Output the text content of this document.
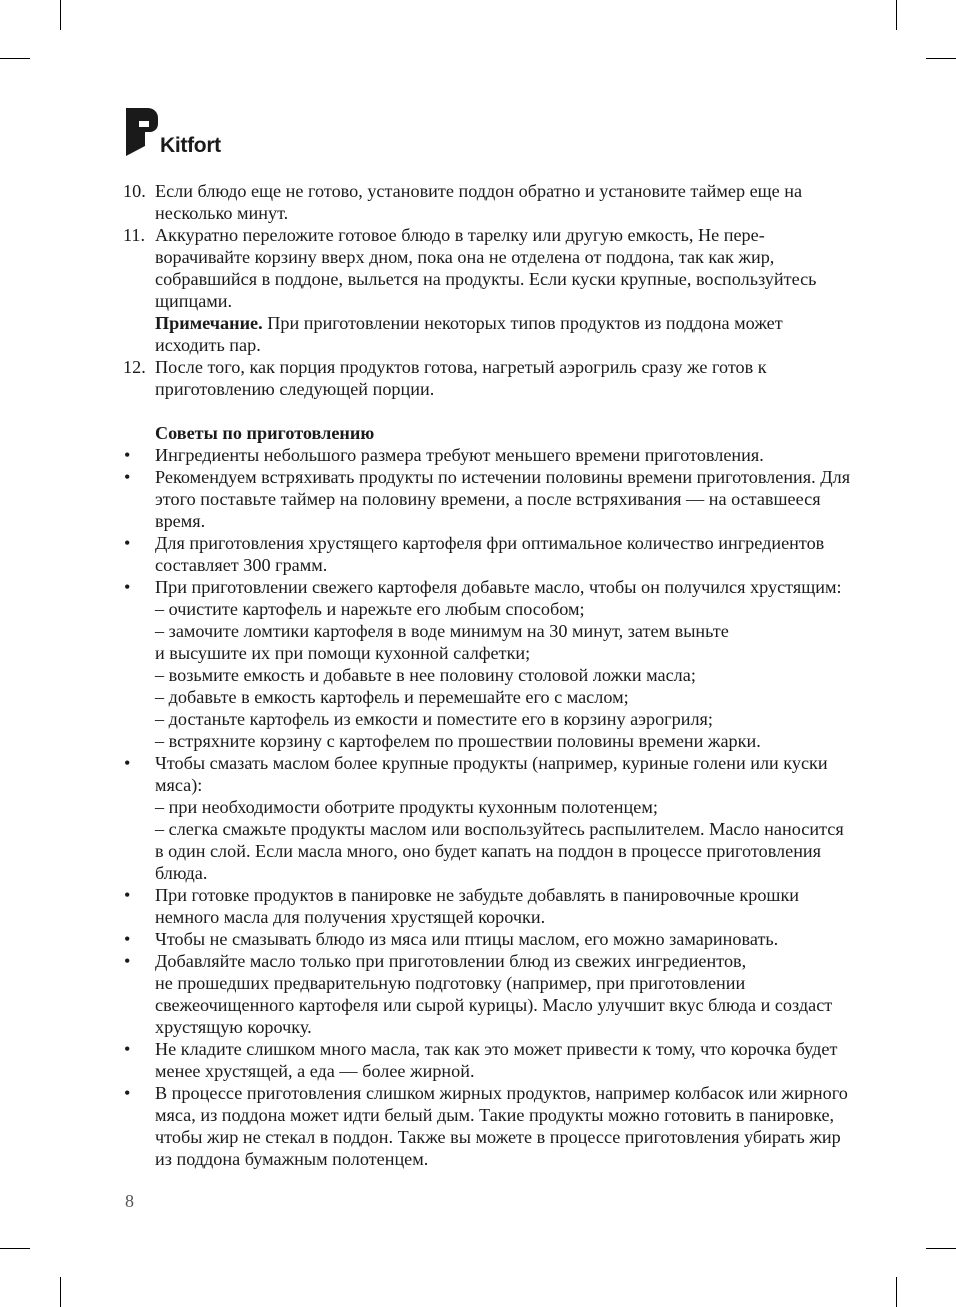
Kitfort
10. Если блюдо еще не готово, установите поддон обратно и установите таймер еще на несколько минут.

11. Аккуратно переложите готовое блюдо в тарелку или другую емкость, Не переворачивайте корзину вверх дном, пока она не отделена от поддона, так как жир, собравшийся в поддоне, выльется на продукты. Если куски крупные, воспользуйтесь щипцами.

Примечание. При приготовлении некоторых типов продуктов из поддона может исходить пар.

12. После того, как порция продуктов готова, нагретый аэрогриль сразу же готов к приготовлению следующей порции.

Советы по приготовлению
• Ингредиенты небольшого размера требуют меньшего времени приготовления.

• Рекомендуем встряхивать продукты по истечении половины времени приготовления. Для этого поставьте таймер на половину времени, а после встряхивания — на оставшееся время.

• Для приготовления хрустящего картофеля фри оптимальное количество ингредиентов составляет 300 грамм.

• При приготовлении свежего картофеля добавьте масло, чтобы он получился хрустящим:

– очистите картофель и нарежьте его любым способом;

– замочите ломтики картофеля в воде минимум на 30 минут, затем выньте

и высушите их при помощи кухонной салфетки;

– возьмите емкость и добавьте в нее половину столовой ложки масла;

– добавьте в емкость картофель и перемешайте его с маслом;

– достаньте картофель из емкости и поместите его в корзину аэрогриля;

– встряхните корзину с картофелем по прошествии половины времени жарки.

• Чтобы смазать маслом более крупные продукты (например, куриные голени или куски мяса):

– при необходимости оботрите продукты кухонным полотенцем;

– слегка смажьте продукты маслом или воспользуйтесь распылителем. Масло наносится в один слой. Если масла много, оно будет капать на поддон в процессе приготовления блюда.

• При готовке продуктов в панировке не забудьте добавлять в панировочные крошки немного масла для получения хрустящей корочки.

• Чтобы не смазывать блюдо из мяса или птицы маслом, его можно замариновать.

• Добавляйте масло только при приготовлении блюд из свежих ингредиентов,

не прошедших предварительную подготовку (например, при приготовлении свежеочищенного картофеля или сырой курицы). Масло улучшит вкус блюда и создаст хрустящую корочку.

• Не кладите слишком много масла, так как это может привести к тому, что корочка будет менее хрустящей, а еда — более жирной.

• В процессе приготовления слишком жирных продуктов, например колбасок или жирного мяса, из поддона может идти белый дым. Такие продукты можно готовить в панировке, чтобы жир не стекал в поддон. Также вы можете в процессе приготовления убирать жир из поддона бумажным полотенцем.

8
